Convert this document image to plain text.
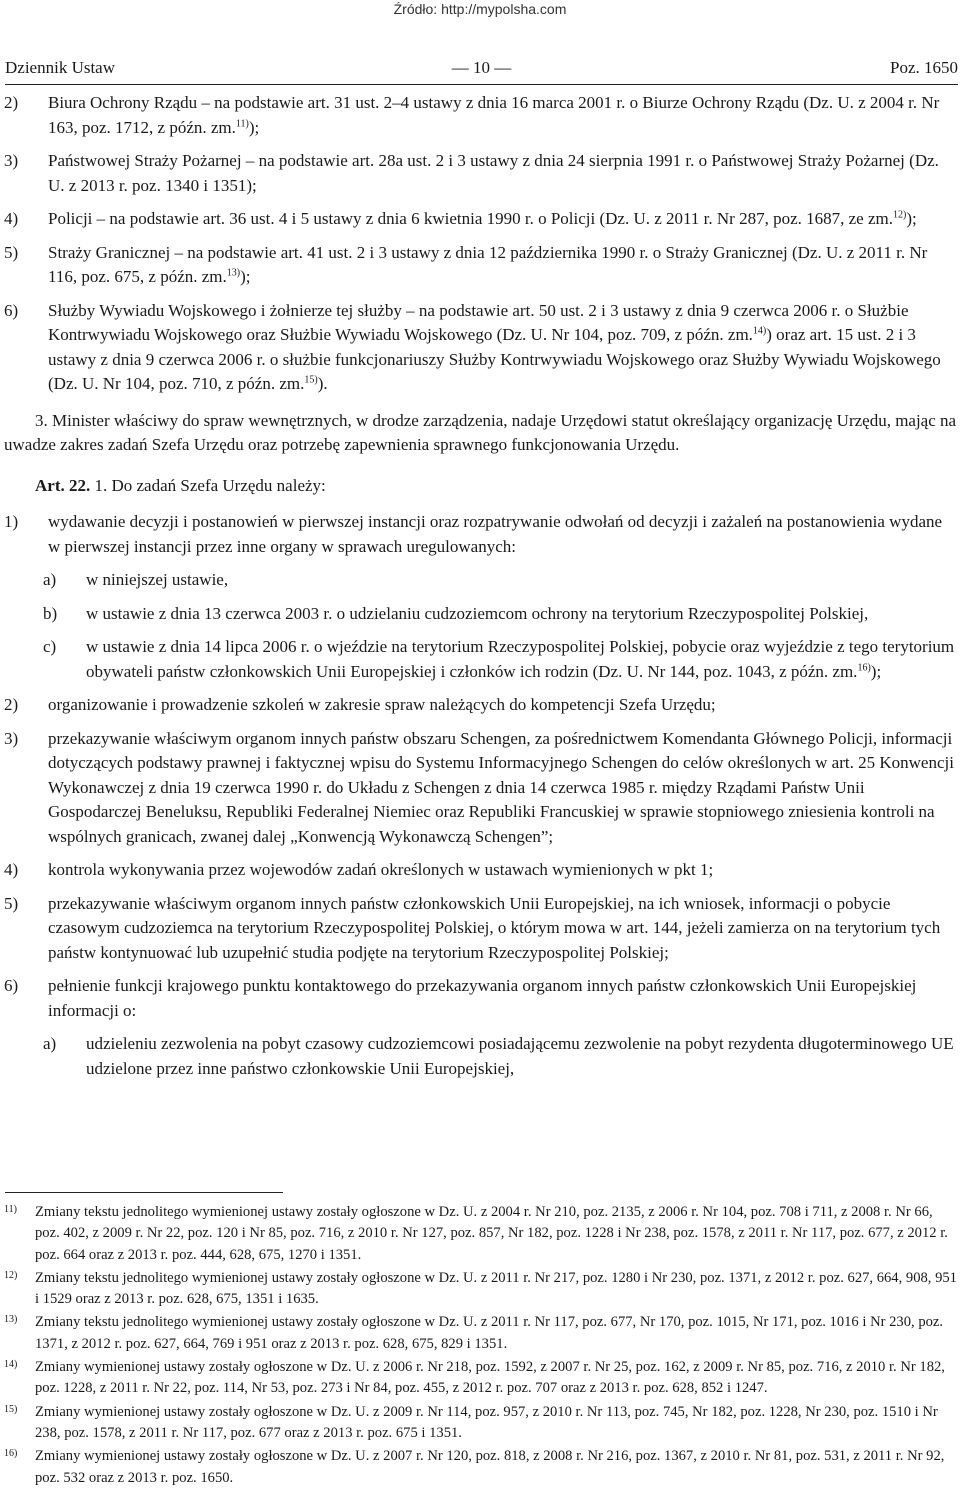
Źródło: http://mypolsha.com
Dziennik Ustaw	— 10 —	Poz. 1650
2) Biura Ochrony Rządu – na podstawie art. 31 ust. 2–4 ustawy z dnia 16 marca 2001 r. o Biurze Ochrony Rządu (Dz. U. z 2004 r. Nr 163, poz. 1712, z późn. zm.$^{11)}$);
3) Państwowej Straży Pożarnej – na podstawie art. 28a ust. 2 i 3 ustawy z dnia 24 sierpnia 1991 r. o Państwowej Straży Pożarnej (Dz. U. z 2013 r. poz. 1340 i 1351);
4) Policji – na podstawie art. 36 ust. 4 i 5 ustawy z dnia 6 kwietnia 1990 r. o Policji (Dz. U. z 2011 r. Nr 287, poz. 1687, ze zm.$^{12)}$);
5) Straży Granicznej – na podstawie art. 41 ust. 2 i 3 ustawy z dnia 12 października 1990 r. o Straży Granicznej (Dz. U. z 2011 r. Nr 116, poz. 675, z późn. zm.$^{13)}$);
6) Służby Wywiadu Wojskowego i żołnierze tej służby – na podstawie art. 50 ust. 2 i 3 ustawy z dnia 9 czerwca 2006 r. o Służbie Kontrwywiadu Wojskowego oraz Służbie Wywiadu Wojskowego (Dz. U. Nr 104, poz. 709, z późn. zm.$^{14)}$) oraz art. 15 ust. 2 i 3 ustawy z dnia 9 czerwca 2006 r. o służbie funkcjonariuszy Służby Kontrwywiadu Wojskowego oraz Służby Wywiadu Wojskowego (Dz. U. Nr 104, poz. 710, z późn. zm.$^{15)}$).
3. Minister właściwy do spraw wewnętrznych, w drodze zarządzenia, nadaje Urzędowi statut określający organizację Urzędu, mając na uwadze zakres zadań Szefa Urzędu oraz potrzebę zapewnienia sprawnego funkcjonowania Urzędu.
Art. 22. 1. Do zadań Szefa Urzędu należy:
1) wydawanie decyzji i postanowień w pierwszej instancji oraz rozpatrywanie odwołań od decyzji i zażaleń na postanowienia wydane w pierwszej instancji przez inne organy w sprawach uregulowanych:
a) w niniejszej ustawie,
b) w ustawie z dnia 13 czerwca 2003 r. o udzielaniu cudzoziemcom ochrony na terytorium Rzeczypospolitej Polskiej,
c) w ustawie z dnia 14 lipca 2006 r. o wjeździe na terytorium Rzeczypospolitej Polskiej, pobycie oraz wyjeździe z tego terytorium obywateli państw członkowskich Unii Europejskiej i członków ich rodzin (Dz. U. Nr 144, poz. 1043, z późn. zm.$^{16)}$);
2) organizowanie i prowadzenie szkoleń w zakresie spraw należących do kompetencji Szefa Urzędu;
3) przekazywanie właściwym organom innych państw obszaru Schengen, za pośrednictwem Komendanta Głównego Policji, informacji dotyczących podstawy prawnej i faktycznej wpisu do Systemu Informacyjnego Schengen do celów określonych w art. 25 Konwencji Wykonawczej z dnia 19 czerwca 1990 r. do Układu z Schengen z dnia 14 czerwca 1985 r. między Rządami Państw Unii Gospodarczej Beneluksu, Republiki Federalnej Niemiec oraz Republiki Francuskiej w sprawie stopniowego zniesienia kontroli na wspólnych granicach, zwanej dalej „Konwencją Wykonawczą Schengen”;
4) kontrola wykonywania przez wojewodów zadań określonych w ustawach wymienionych w pkt 1;
5) przekazywanie właściwym organom innych państw członkowskich Unii Europejskiej, na ich wniosek, informacji o pobycie czasowym cudzoziemca na terytorium Rzeczypospolitej Polskiej, o którym mowa w art. 144, jeżeli zamierza on na terytorium tych państw kontynuować lub uzupełnić studia podjęte na terytorium Rzeczypospolitej Polskiej;
6) pełnienie funkcji krajowego punktu kontaktowego do przekazywania organom innych państw członkowskich Unii Europejskiej informacji o:
a) udzieleniu zezwolenia na pobyt czasowy cudzoziemcowi posiadającemu zezwolenie na pobyt rezydenta długoterminowego UE udzielone przez inne państwo członkowskie Unii Europejskiej,
11) Zmiany tekstu jednolitego wymienionej ustawy zostały ogłoszone w Dz. U. z 2004 r. Nr 210, poz. 2135, z 2006 r. Nr 104, poz. 708 i 711, z 2008 r. Nr 66, poz. 402, z 2009 r. Nr 22, poz. 120 i Nr 85, poz. 716, z 2010 r. Nr 127, poz. 857, Nr 182, poz. 1228 i Nr 238, poz. 1578, z 2011 r. Nr 117, poz. 677, z 2012 r. poz. 664 oraz z 2013 r. poz. 444, 628, 675, 1270 i 1351.
12) Zmiany tekstu jednolitego wymienionej ustawy zostały ogłoszone w Dz. U. z 2011 r. Nr 217, poz. 1280 i Nr 230, poz. 1371, z 2012 r. poz. 627, 664, 908, 951 i 1529 oraz z 2013 r. poz. 628, 675, 1351 i 1635.
13) Zmiany tekstu jednolitego wymienionej ustawy zostały ogłoszone w Dz. U. z 2011 r. Nr 117, poz. 677, Nr 170, poz. 1015, Nr 171, poz. 1016 i Nr 230, poz. 1371, z 2012 r. poz. 627, 664, 769 i 951 oraz z 2013 r. poz. 628, 675, 829 i 1351.
14) Zmiany wymienionej ustawy zostały ogłoszone w Dz. U. z 2006 r. Nr 218, poz. 1592, z 2007 r. Nr 25, poz. 162, z 2009 r. Nr 85, poz. 716, z 2010 r. Nr 182, poz. 1228, z 2011 r. Nr 22, poz. 114, Nr 53, poz. 273 i Nr 84, poz. 455, z 2012 r. poz. 707 oraz z 2013 r. poz. 628, 852 i 1247.
15) Zmiany wymienionej ustawy zostały ogłoszone w Dz. U. z 2009 r. Nr 114, poz. 957, z 2010 r. Nr 113, poz. 745, Nr 182, poz. 1228, Nr 230, poz. 1510 i Nr 238, poz. 1578, z 2011 r. Nr 117, poz. 677 oraz z 2013 r. poz. 675 i 1351.
16) Zmiany wymienionej ustawy zostały ogłoszone w Dz. U. z 2007 r. Nr 120, poz. 818, z 2008 r. Nr 216, poz. 1367, z 2010 r. Nr 81, poz. 531, z 2011 r. Nr 92, poz. 532 oraz z 2013 r. poz. 1650.
